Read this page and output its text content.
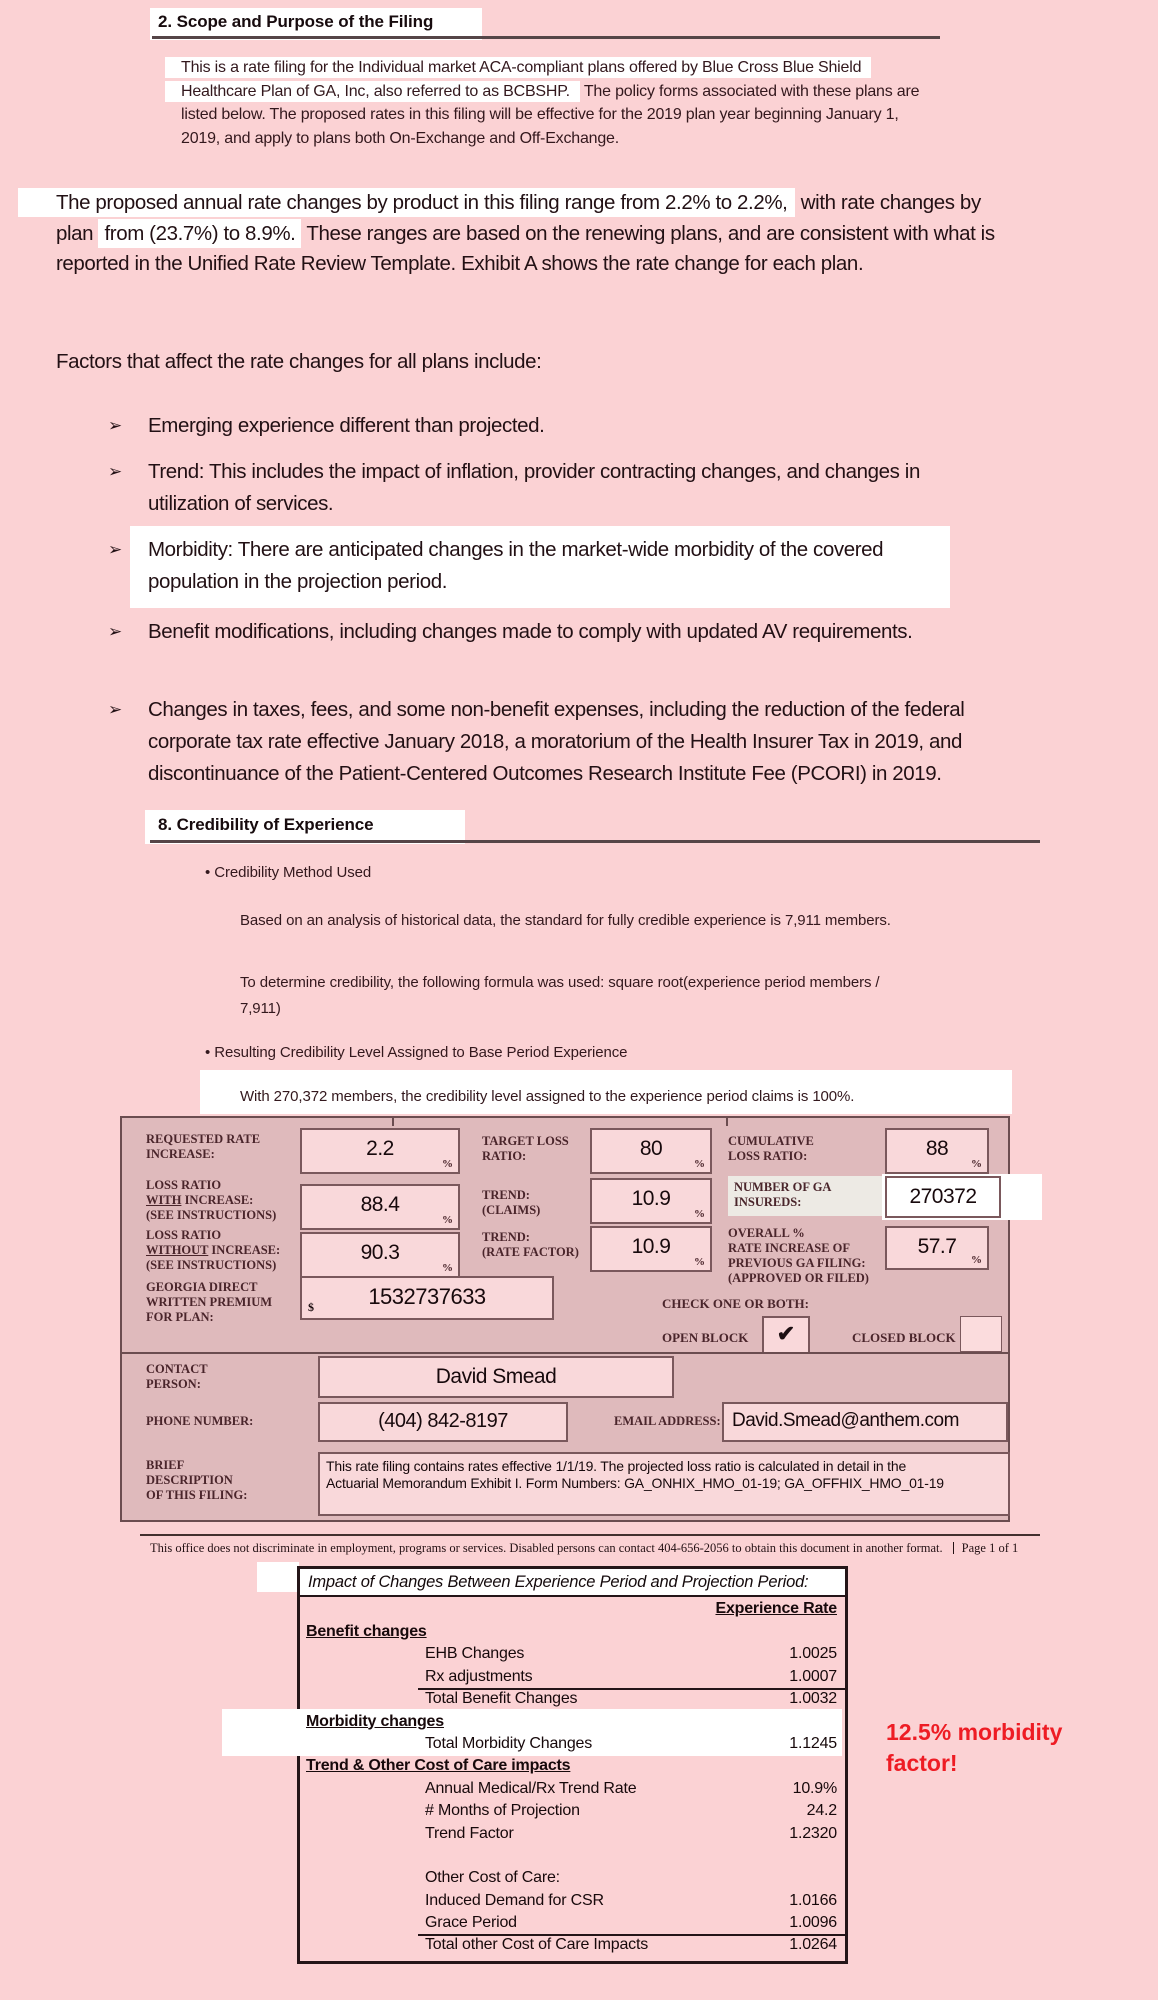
2. Scope and Purpose of the Filing
This is a rate filing for the Individual market ACA-compliant plans offered by Blue Cross Blue Shield
Healthcare Plan of GA, Inc, also referred to as BCBSHP. The policy forms associated with these plans are
listed below. The proposed rates in this filing will be effective for the 2019 plan year beginning January 1,
2019, and apply to plans both On-Exchange and Off-Exchange.
The proposed annual rate changes by product in this filing range from 2.2% to 2.2%, with rate changes by
plan from (23.7%) to 8.9%. These ranges are based on the renewing plans, and are consistent with what is
reported in the Unified Rate Review Template. Exhibit A shows the rate change for each plan.
Factors that affect the rate changes for all plans include:
➢ Emerging experience different than projected.
➢ Trend: This includes the impact of inflation, provider contracting changes, and changes in
utilization of services.
➢ Morbidity: There are anticipated changes in the market-wide morbidity of the covered
population in the projection period.
➢ Benefit modifications, including changes made to comply with updated AV requirements.
➢ Changes in taxes, fees, and some non-benefit expenses, including the reduction of the federal
corporate tax rate effective January 2018, a moratorium of the Health Insurer Tax in 2019, and
discontinuance of the Patient-Centered Outcomes Research Institute Fee (PCORI) in 2019.
8. Credibility of Experience
• Credibility Method Used
Based on an analysis of historical data, the standard for fully credible experience is 7,911 members.
To determine credibility, the following formula was used: square root(experience period members /
7,911)
• Resulting Credibility Level Assigned to Base Period Experience
With 270,372 members, the credibility level assigned to the experience period claims is 100%.
REQUESTED RATE
INCREASE:	2.2
%
TARGET LOSS
RATIO:	80
%
CUMULATIVE
LOSS RATIO:	88
%
LOSS RATIO
WITH INCREASE:
(SEE INSTRUCTIONS)	88.4
%
TREND:
(CLAIMS)	10.9
%
NUMBER OF GA
INSUREDS:	270372
LOSS RATIO
WITHOUT INCREASE:
(SEE INSTRUCTIONS)
90.3
%
TREND:
(RATE FACTOR)	10.9
%
OVERALL %
RATE INCREASE OF
PREVIOUS GA FILING:
(APPROVED OR FILED)
57.7
%
GEORGIA DIRECT
WRITTEN PREMIUM
FOR PLAN:
$	1532737633	CHECK ONE OR BOTH:
OPEN BLOCK	✔	CLOSED BLOCK
CONTACT
PERSON:	David Smead
PHONE NUMBER:	(404) 842-8197	EMAIL ADDRESS: David.Smead@anthem.com
BRIEF
DESCRIPTION
OF THIS FILING:
This rate filing contains rates effective 1/1/19. The projected loss ratio is calculated in detail in the
Actuarial Memorandum Exhibit I. Form Numbers: GA_ONHIX_HMO_01-19; GA_OFFHIX_HMO_01-19
This office does not discriminate in employment, programs or services. Disabled persons can contact 404-656-2056 to obtain this document in another format. Page 1 of 1
Impact of Changes Between Experience Period and Projection Period:
Experience Rate
Benefit changes
EHB Changes	1.0025
Rx adjustments	1.0007
Total Benefit Changes	1.0032
Morbidity changes
Total Morbidity Changes	1.1245
Trend & Other Cost of Care impacts
Annual Medical/Rx Trend Rate	10.9%
# Months of Projection	24.2
Trend Factor	1.2320
Other Cost of Care:
Induced Demand for CSR	1.0166
Grace Period	1.0096
Total other Cost of Care Impacts	1.0264
12.5% morbidity
factor!
